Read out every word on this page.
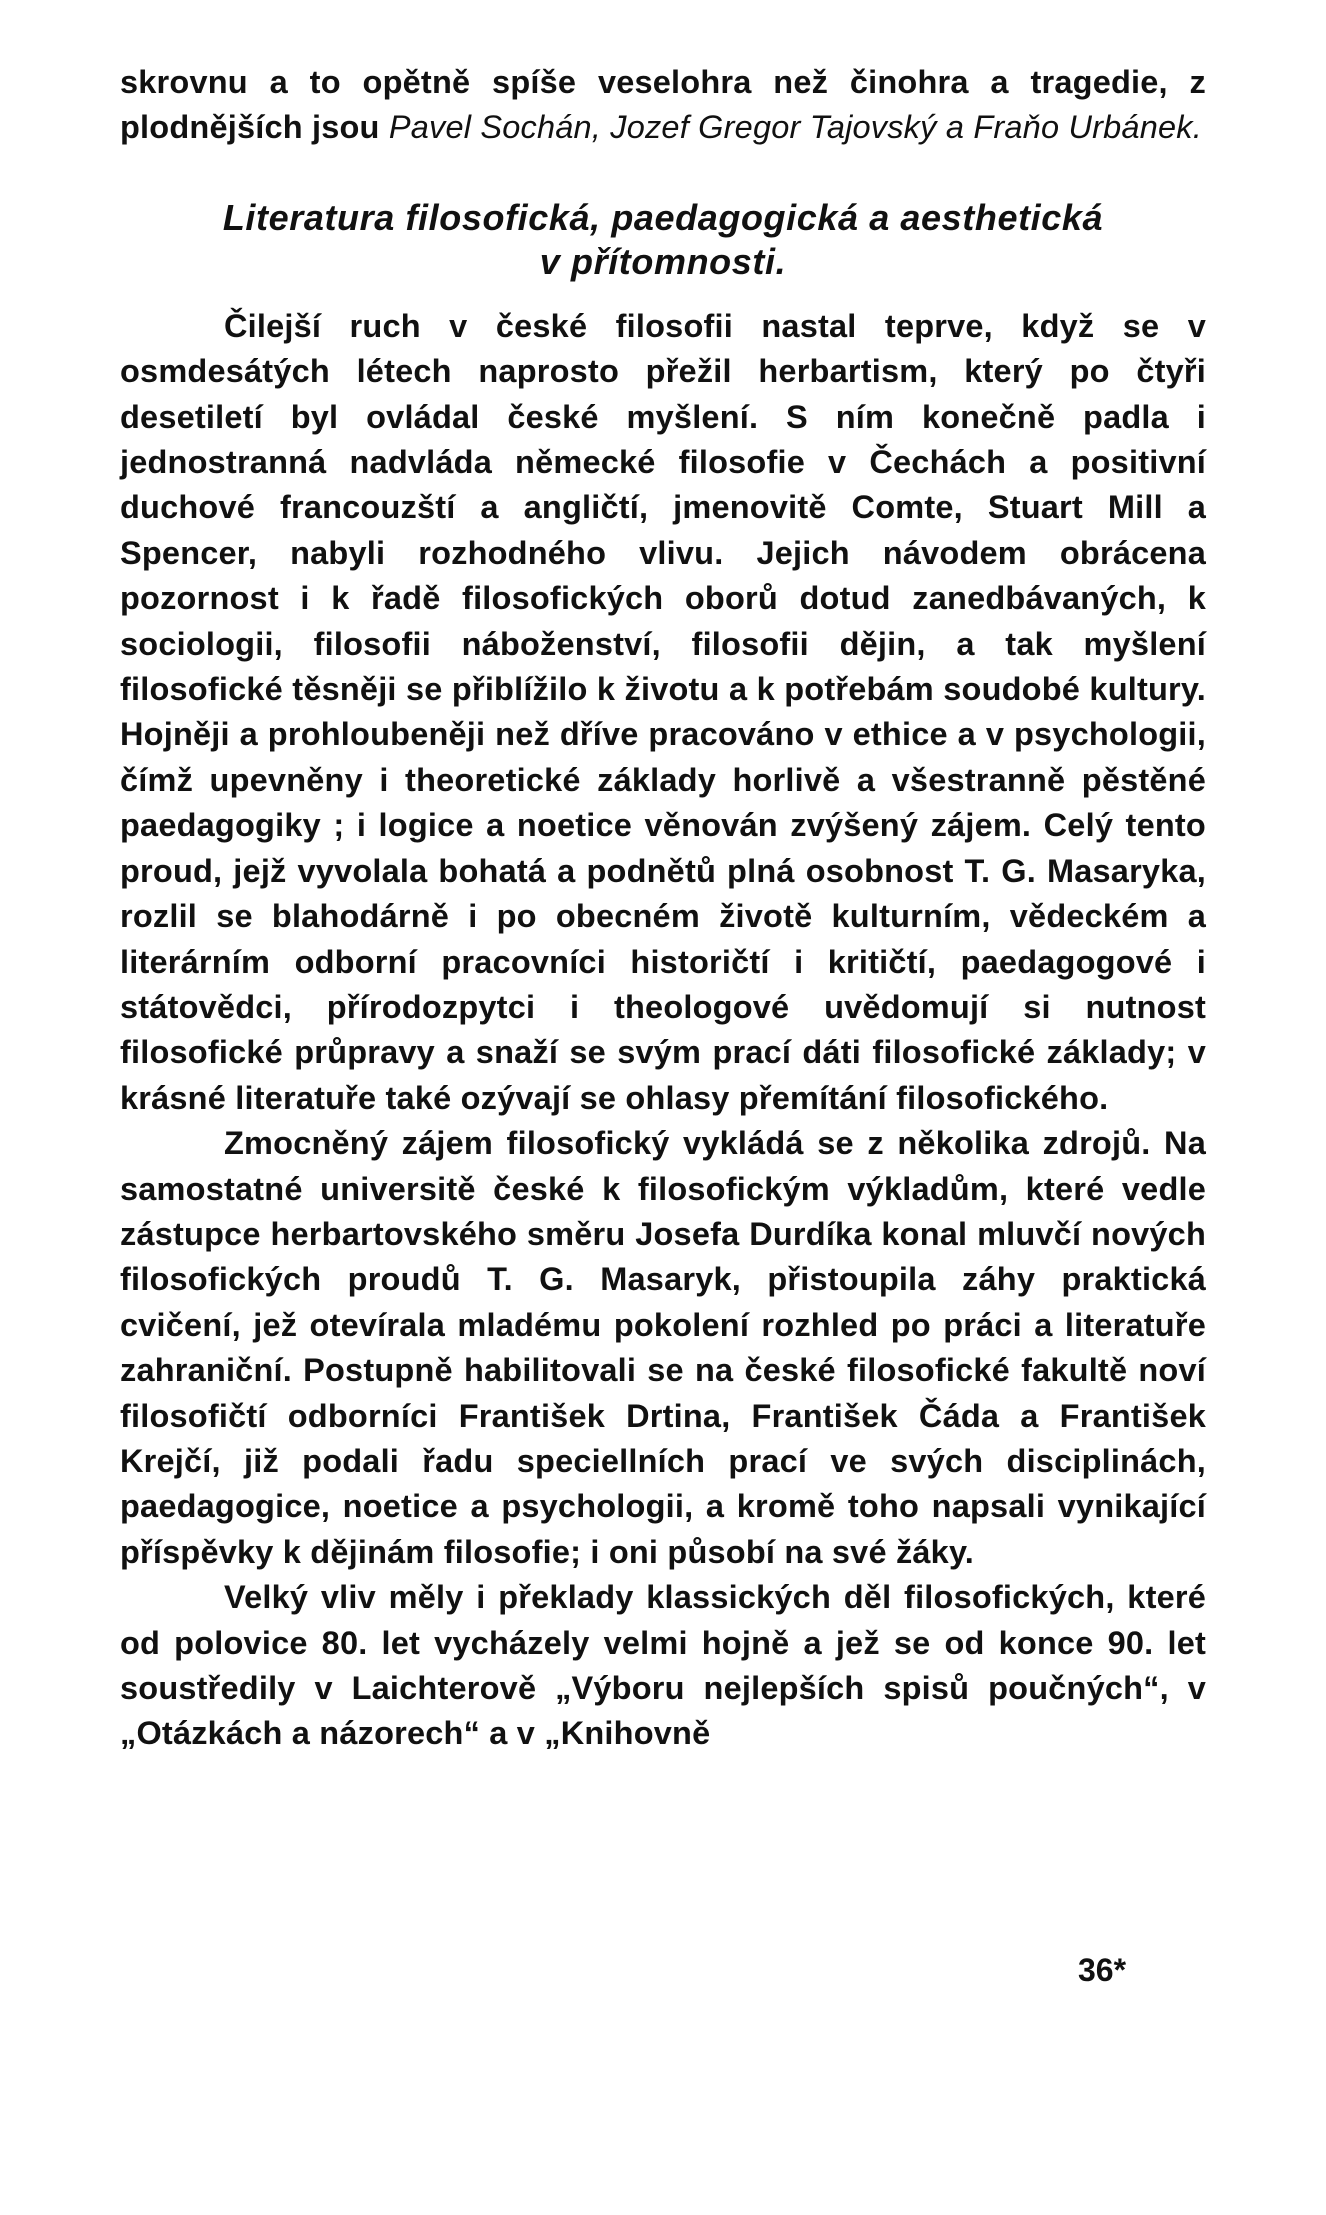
skrovnu a to opětně spíše veselohra než činohra a tragedie, z plodnějších jsou Pavel Sochán, Jozef Gregor Tajovský a Fraňo Urbánek.

Literatura filosofická, paedagogická a aesthetická
v přítomnosti.

Čilejší ruch v české filosofii nastal teprve, když se v osmdesátých létech naprosto přežil herbartism, který po čtyři desetiletí byl ovládal české myšlení. S ním konečně padla i jednostranná nadvláda německé filosofie v Čechách a positivní duchové francouzští a angličtí, jmenovitě Comte, Stuart Mill a Spencer, nabyli rozhodného vlivu. Jejich návodem obrácena pozornost i k řadě filosofických oborů dotud zanedbávaných, k sociologii, filosofii náboženství, filosofii dějin, a tak myšlení filosofické těsněji se přiblížilo k životu a k potřebám soudobé kultury. Hojněji a prohloubeněji než dříve pracováno v ethice a v psychologii, čímž upevněny i theoretické základy horlivě a všestranně pěstěné paedagogiky ; i logice a noetice věnován zvýšený zájem. Celý tento proud, jejž vyvolala bohatá a podnětů plná osobnost T. G. Masaryka, rozlil se blahodárně i po obecném životě kulturním, vědeckém a literárním odborní pracovníci historičtí i kritičtí, paedagogové i státovědci, přírodozpytci i theologové uvědomují si nutnost filosofické průpravy a snaží se svým prací dáti filosofické základy; v krásné literatuře také ozývají se ohlasy přemítání filosofického.

Zmocněný zájem filosofický vykládá se z několika zdrojů. Na samostatné universitě české k filosofickým výkladům, které vedle zástupce herbartovského směru Josefa Durdíka konal mluvčí nových filosofických proudů T. G. Masaryk, přistoupila záhy praktická cvičení, jež otevírala mladému pokolení rozhled po práci a literatuře zahraniční. Postupně habilitovali se na české filosofické fakultě noví filosofičtí odborníci František Drtina, František Čáda a František Krejčí, již podali řadu speciellních prací ve svých disciplinách, paedagogice, noetice a psychologii, a kromě toho napsali vynikající příspěvky k dějinám filosofie; i oni působí na své žáky.

Velký vliv měly i překlady klassických děl filosofických, které od polovice 80. let vycházely velmi hojně a jež se od konce 90. let soustředily v Laichterově „Výboru nejlepších spisů poučných“, v „Otázkách a názorech“ a v „Knihovně

36*
